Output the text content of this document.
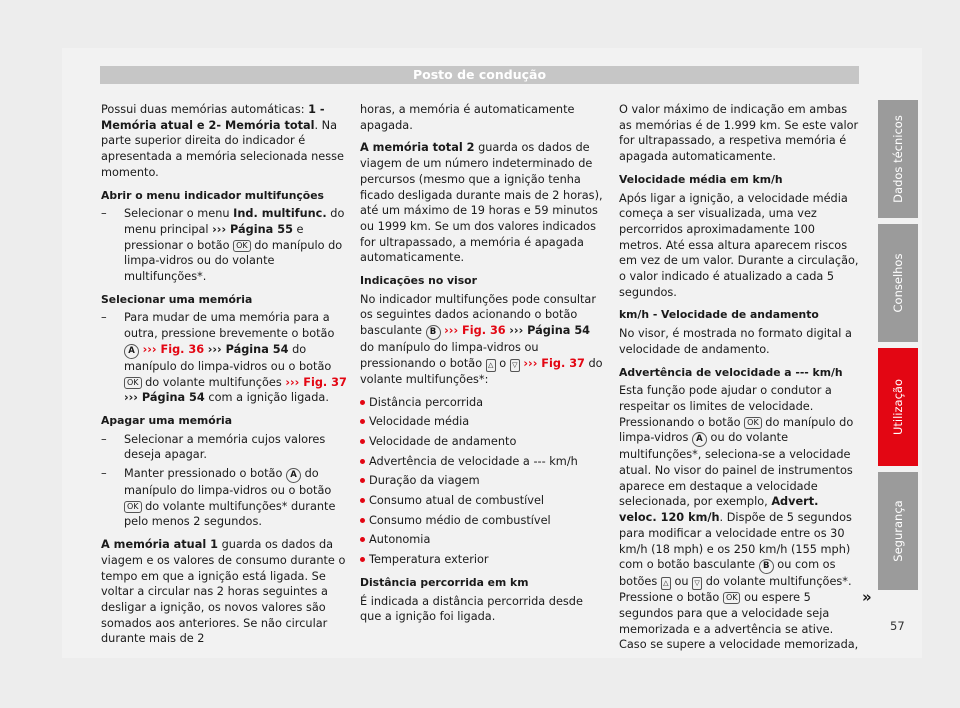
Posto de condução

Possui duas memórias automáticas: 1 - Memória atual e 2- Memória total. Na parte superior direita do indicador é apresentada a memória selecionada nesse momento.

Abrir o menu indicador multifunções

– Selecionar o menu Ind. multifunc. do menu principal ››› Página 55 e pressionar o botão OK do manípulo do limpa-vidros ou do volante multifunções*.

Selecionar uma memória

– Para mudar de uma memória para a outra, pressione brevemente o botão A ››› Fig. 36 ››› Página 54 do manípulo do limpa-vidros ou o botão OK do volante multifunções ››› Fig. 37 ››› Página 54 com a ignição ligada.

Apagar uma memória

– Selecionar a memória cujos valores deseja apagar.
– Manter pressionado o botão A do manípulo do limpa-vidros ou o botão OK do volante multifunções* durante pelo menos 2 segundos.

A memória atual 1 guarda os dados da viagem e os valores de consumo durante o tempo em que a ignição está ligada. Se voltar a circular nas 2 horas seguintes a desligar a ignição, os novos valores são somados aos anteriores. Se não circular durante mais de 2

horas, a memória é automaticamente apagada.

A memória total 2 guarda os dados de viagem de um número indeterminado de percursos (mesmo que a ignição tenha ficado desligada durante mais de 2 horas), até um máximo de 19 horas e 59 minutos ou 1999 km. Se um dos valores indicados for ultrapassado, a memória é apagada automaticamente.

Indicações no visor

No indicador multifunções pode consultar os seguintes dados acionando o botão basculante B ››› Fig. 36 ››› Página 54 do manípulo do limpa-vidros ou pressionando o botão △ o ▽ ››› Fig. 37 do volante multifunções*:

Distância percorrida
Velocidade média
Velocidade de andamento
Advertência de velocidade a --- km/h
Duração da viagem
Consumo atual de combustível
Consumo médio de combustível
Autonomia
Temperatura exterior

Distância percorrida em km

É indicada a distância percorrida desde que a ignição foi ligada.

O valor máximo de indicação em ambas as memórias é de 1.999 km. Se este valor for ultrapassado, a respetiva memória é apagada automaticamente.

Velocidade média em km/h

Após ligar a ignição, a velocidade média começa a ser visualizada, uma vez percorridos aproximadamente 100 metros. Até essa altura aparecem riscos em vez de um valor. Durante a circulação, o valor indicado é atualizado a cada 5 segundos.

km/h - Velocidade de andamento

No visor, é mostrada no formato digital a velocidade de andamento.

Advertência de velocidade a --- km/h

Esta função pode ajudar o condutor a respeitar os limites de velocidade. Pressionando o botão OK do manípulo do limpa-vidros A ou do volante multifunções*, seleciona-se a velocidade atual. No visor do painel de instrumentos aparece em destaque a velocidade selecionada, por exemplo, Advert. veloc. 120 km/h. Dispõe de 5 segundos para modificar a velocidade entre os 30 km/h (18 mph) e os 250 km/h (155 mph) com o botão basculante B ou com os botões △ ou ▽ do volante multifunções*. Pressione o botão OK ou espere 5 segundos para que a velocidade seja memorizada e a advertência se ative. Caso se supere a velocidade memorizada,

»
Dados técnicos
Conselhos
Utilização
Segurança
57
